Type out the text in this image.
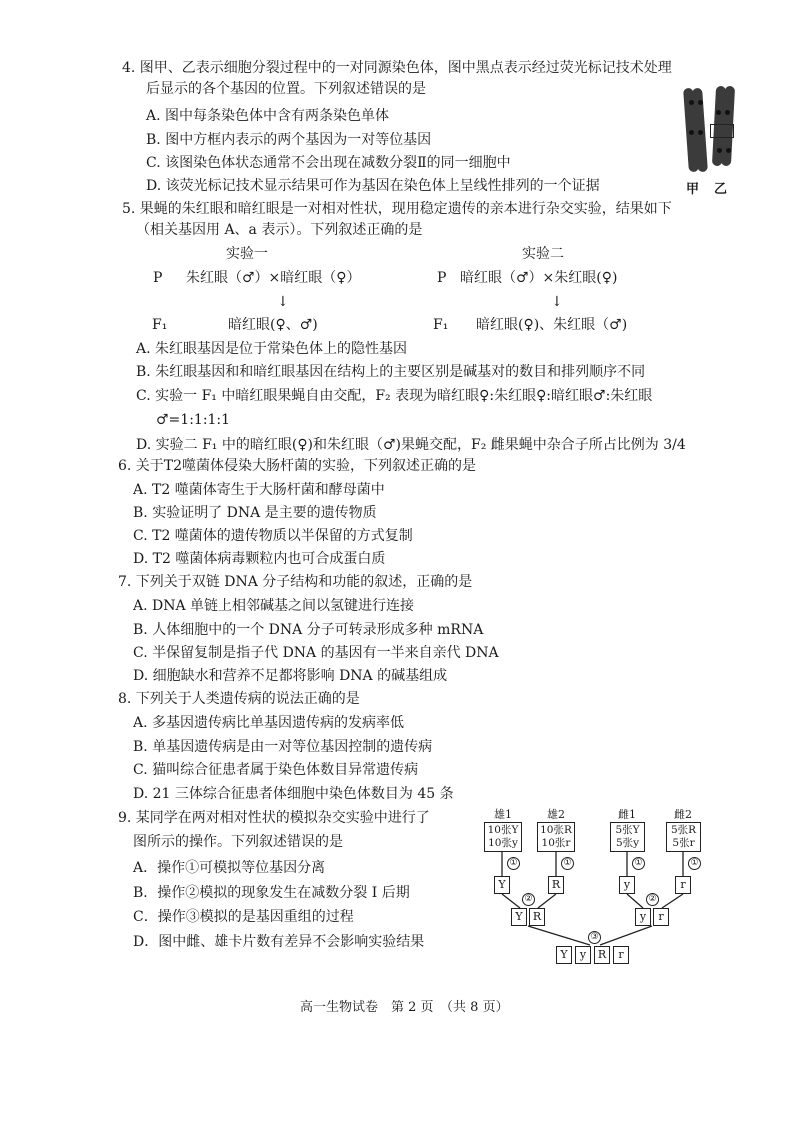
4. 图甲、乙表示细胞分裂过程中的一对同源染色体，图中黑点表示经过荧光标记技术处理
后显示的各个基因的位置。下列叙述错误的是
A. 图中每条染色体中含有两条染色单体
B. 图中方框内表示的两个基因为一对等位基因
C. 该图染色体状态通常不会出现在减数分裂Ⅱ的同一细胞中
D. 该荧光标记技术显示结果可作为基因在染色体上呈线性排列的一个证据	甲 乙
5. 果蝇的朱红眼和暗红眼是一对相对性状，现用稳定遗传的亲本进行杂交实验，结果如下
（相关基因用 A、a 表示）。下列叙述正确的是
实验一	实验二
P 朱红眼（♂）×暗红眼（♀）	P 暗红眼（♂）×朱红眼(♀)
↓	↓
F₁	暗红眼(♀、♂)	F₁ 暗红眼(♀)、朱红眼（♂)
A. 朱红眼基因是位于常染色体上的隐性基因
B. 朱红眼基因和和暗红眼基因在结构上的主要区别是碱基对的数目和排列顺序不同
C. 实验一 F₁ 中暗红眼果蝇自由交配，F₂ 表现为暗红眼♀:朱红眼♀:暗红眼♂:朱红眼
♂=1:1:1:1
D. 实验二 F₁ 中的暗红眼(♀)和朱红眼（♂)果蝇交配，F₂ 雌果蝇中杂合子所占比例为 3/4
6. 关于T2噬菌体侵染大肠杆菌的实验，下列叙述正确的是
A. T2 噬菌体寄生于大肠杆菌和酵母菌中
B. 实验证明了 DNA 是主要的遗传物质
C. T2 噬菌体的遗传物质以半保留的方式复制
D. T2 噬菌体病毒颗粒内也可合成蛋白质
7. 下列关于双链 DNA 分子结构和功能的叙述，正确的是
A. DNA 单链上相邻碱基之间以氢键进行连接
B. 人体细胞中的一个 DNA 分子可转录形成多种 mRNA
C. 半保留复制是指子代 DNA 的基因有一半来自亲代 DNA
D. 细胞缺水和营养不足都将影响 DNA 的碱基组成
8. 下列关于人类遗传病的说法正确的是
A. 多基因遗传病比单基因遗传病的发病率低
B. 单基因遗传病是由一对等位基因控制的遗传病
C. 猫叫综合征患者属于染色体数目异常遗传病
D. 21 三体综合征患者体细胞中染色体数目为 45 条
9. 某同学在两对相对性状的模拟杂交实验中进行了
图所示的操作。下列叙述错误的是
A．操作①可模拟等位基因分离
B．操作②模拟的现象发生在减数分裂 I 后期
C．操作③模拟的是基因重组的过程
D．图中雌、雄卡片数有差异不会影响实验结果
雄1	雄2	雌1	雌2
10张Y
10张y
10张R
10张r
5张Y
5张y
5张R
5张r
①	①	①	①
Y	R	y	r
②	②
Y R	y	r
③
Y	y	R	r
高一生物试卷　第 2 页　（共 8 页）
